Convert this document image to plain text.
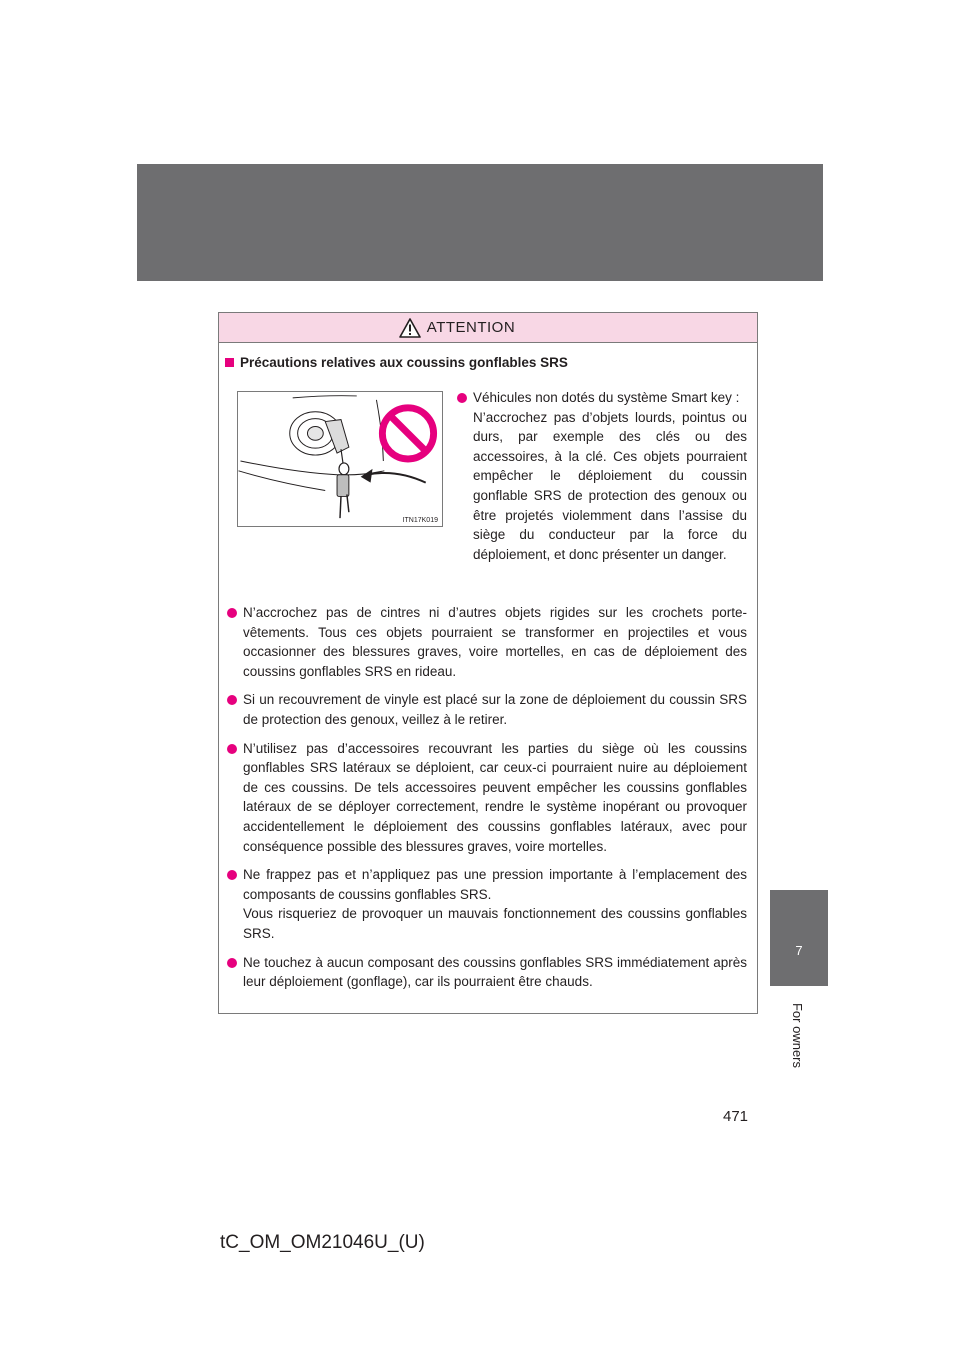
7
For owners
ATTENTION
Précautions relatives aux coussins gonflables SRS
ITN17K019

Véhicules non dotés du système Smart key :

N’accrochez pas d’objets lourds, pointus ou durs, par exemple des clés ou des accessoires, à la clé. Ces objets pourraient empêcher le déploiement du coussin gonflable SRS de protection des genoux ou être projetés violemment dans l’assise du siège du conducteur par la force du déploiement, et donc présenter un danger.

N’accrochez pas de cintres ni d’autres objets rigides sur les crochets porte-vêtements. Tous ces objets pourraient se transformer en projectiles et vous occasionner des blessures graves, voire mortelles, en cas de déploiement des coussins gonflables SRS en rideau.

Si un recouvrement de vinyle est placé sur la zone de déploiement du coussin SRS de protection des genoux, veillez à le retirer.

N’utilisez pas d’accessoires recouvrant les parties du siège où les coussins gonflables SRS latéraux se déploient, car ceux-ci pourraient nuire au déploiement de ces coussins. De tels accessoires peuvent empêcher les coussins gonflables latéraux de se déployer correctement, rendre le système inopérant ou provoquer accidentellement le déploiement des coussins gonflables latéraux, avec pour conséquence possible des blessures graves, voire mortelles.

Ne frappez pas et n’appliquez pas une pression importante à l’emplacement des composants de coussins gonflables SRS.

Vous risqueriez de provoquer un mauvais fonctionnement des coussins gonflables SRS.

Ne touchez à aucun composant des coussins gonflables SRS immédiatement après leur déploiement (gonflage), car ils pourraient être chauds.

471
tC_OM_OM21046U_(U)
